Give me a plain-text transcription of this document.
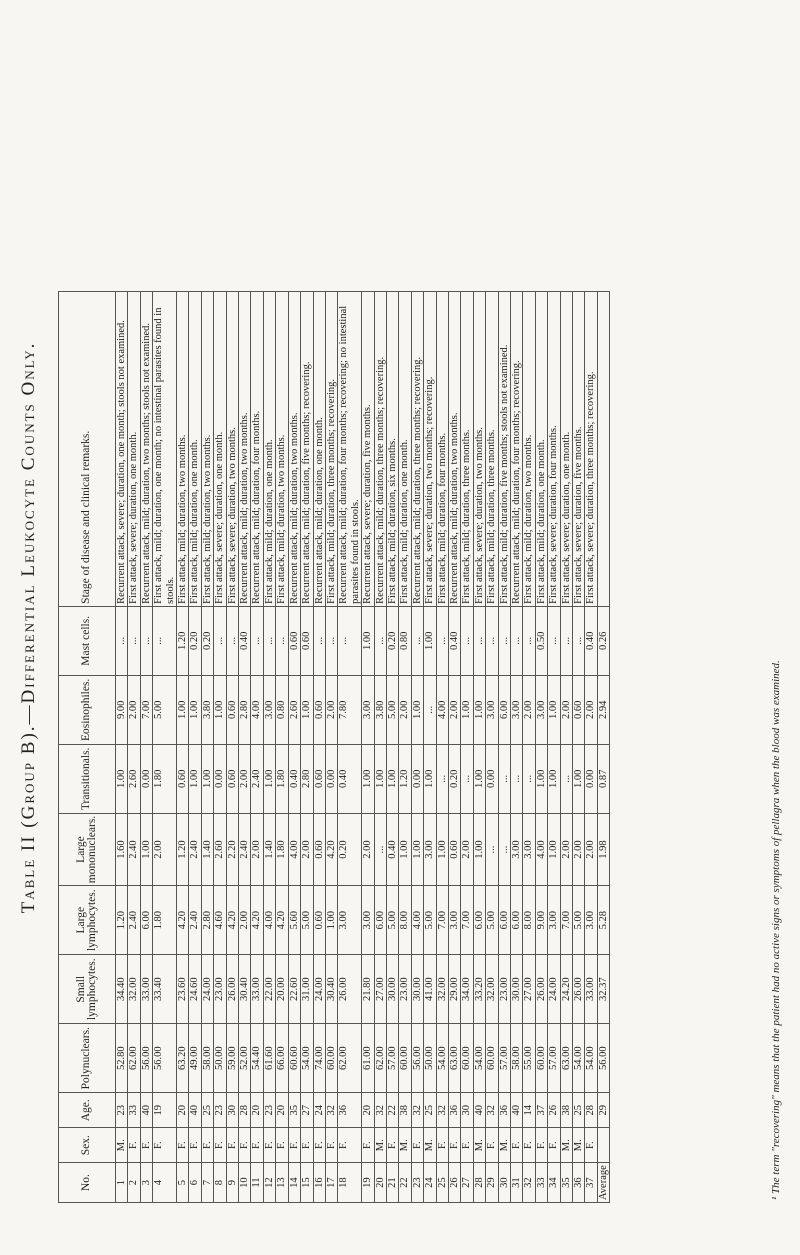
Table II (Group B).—Differential Leukocyte Counts Only.
No.	Sex.	Age.	Polynuclears.	Small lymphocytes.	Large lymphocytes.	Large mononuclears.	Transitionals.	Eosinophiles.	Mast cells.	Stage of disease and clinical remarks.
1	M.	23	52.80	34.40	1.20	1.60	1.00	9.00	...	Recurrent attack, severe; duration, one month; stools not examined.
2	F.	33	62.00	32.00	2.40	2.40	2.60	2.00	...	First attack, severe; duration, one month.
3	F.	40	56.00	33.00	6.00	1.00	0.00	7.00	...	Recurrent attack, mild; duration, two months; stools not examined.
4	F.	19	56.00	33.40	1.80	2.00	1.80	5.00	...	First attack, mild; duration, one month; no intestinal parasites found in stools.
5	F.	20	63.20	23.60	4.20	1.20	0.60	1.00	1.20	First attack, mild; duration, two months.
6	F.	40	49.00	24.60	2.40	2.40	1.00	1.00	0.20	First attack, mild; duration, one month.
7	F.	25	58.00	24.00	2.80	1.40	1.00	3.80	0.20	First attack, mild; duration, two months.
8	F.	23	50.00	23.00	4.60	2.60	0.00	1.00	...	First attack, severe; duration, one month.
9	F.	30	59.00	26.00	4.20	2.20	0.60	0.60	...	First attack, severe; duration, two months.
10	F.	28	52.00	30.40	2.00	2.40	2.00	2.80	0.40	Recurrent attack, mild; duration, two months.
11	F.	20	54.40	33.00	4.20	2.00	2.40	4.00	...	Recurrent attack, mild; duration, four months.
12	F.	23	61.60	22.00	4.00	1.40	1.00	3.00	...	First attack, mild; duration, one month.
13	F.	20	66.00	20.00	4.20	1.80	1.80	0.80	...	First attack, mild; duration, two months.
14	F.	35	60.60	22.60	5.60	4.00	0.40	2.60	0.60	Recurrent attack, mild; duration, two months.
15	F.	27	54.00	31.00	5.00	2.00	2.80	1.00	0.60	Recurrent attack, mild; duration, five months; recovering.
16	F.	24	74.00	24.00	0.60	0.60	0.60	0.60	...	Recurrent attack, mild; duration, one month.
17	F.	32	60.00	30.40	1.00	4.20	0.00	2.00	...	First attack, mild; duration, three months; recovering.
18	F.	36	62.00	26.00	3.00	0.20	0.40	7.80	...	Recurrent attack, mild; duration, four months; recovering; no intestinal parasites found in stools.
19	F.	20	61.00	21.80	3.00	2.00	1.00	3.00	1.00	Recurrent attack, severe; duration, five months.
20	M.	32	62.00	27.00	6.00	...	1.00	3.80	...	Recurrent attack, mild; duration, three months; recovering.
21	F.	22	57.00	30.00	5.00	0.40	1.00	5.00	0.20	First attack, mild; duration, six months.
22	M.	38	60.00	23.00	8.00	1.00	1.20	2.00	0.80	First attack, mild; duration, one month.
23	F.	32	56.00	30.00	4.00	1.00	0.00	1.00	...	Recurrent attack, mild; duration, three months; recovering.
24	M.	25	50.00	41.00	5.00	3.00	1.00	...	1.00	First attack, severe; duration, two months; recovering.
25	F.	32	54.00	32.00	7.00	1.00	...	4.00	...	First attack, mild; duration, four months.
26	F.	36	63.00	29.00	3.00	0.60	0.20	2.00	0.40	Recurrent attack, mild; duration, two months.
27	F.	30	60.00	34.00	7.00	2.00	...	1.00	...	First attack, mild; duration, three months.
28	M.	40	54.00	33.20	6.00	1.00	1.00	1.00	...	First attack, severe; duration, two months.
29	F.	32	60.00	32.00	5.00	...	0.00	3.00	...	First attack, mild; duration, three months.
30	M.	36	57.00	23.00	6.00	...	...	6.00	...	First attack, mild; duration, five months; stools not examined.
31	F.	40	58.00	30.00	6.00	3.00	...	3.00	...	Recurrent attack, mild; duration, four months; recovering.
32	F.	14	55.00	27.00	8.00	3.00	...	2.00	...	First attack, mild; duration, two months.
33	F.	37	60.00	26.00	9.00	4.00	1.00	3.00	0.50	First attack, mild; duration, one month.
34	F.	26	57.00	24.00	3.00	1.00	1.00	1.00	...	First attack, severe; duration, four months.
35	M.	38	63.00	24.20	7.00	2.00	...	2.00	...	First attack, severe; duration, one month.
36	M.	25	54.00	26.00	5.00	2.00	1.00	0.60	...	First attack, severe; duration, five months.
37	F.	28	54.00	33.00	3.00	2.00	0.00	2.00	0.40	First attack, severe; duration, three months; recovering.
Average		29	56.00	32.37	5.28	1.98	0.87	2.94	0.26	
¹ The term "recovering" means that the patient had no active signs or symptoms of pellagra when the blood was examined.
